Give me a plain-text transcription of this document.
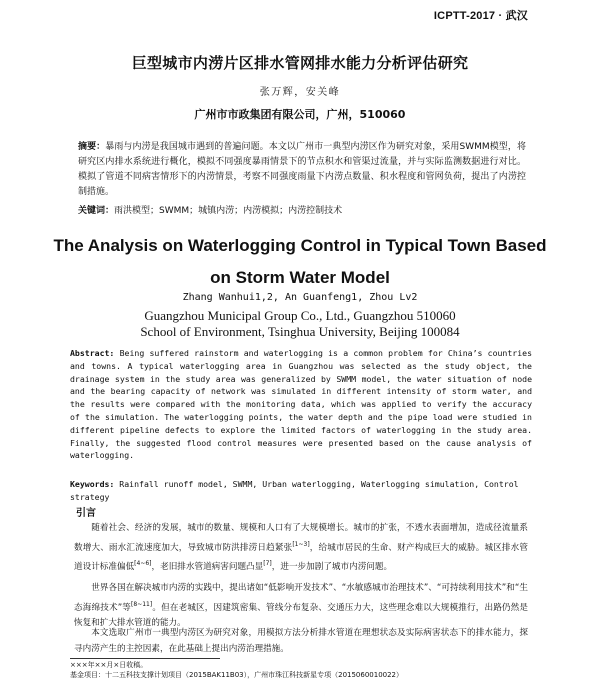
ICPTT-2017 · 武汉
巨型城市内涝片区排水管网排水能力分析评估研究
张万辉，安关峰
广州市市政集团有限公司，广州，510060
摘要：暴雨与内涝是我国城市遇到的普遍问题。本文以广州市一典型内涝区作为研究对象，采用SWMM模型，将研究区内排水系统进行概化，模拟不同强度暴雨情景下的节点积水和管渠过流量，并与实际监测数据进行对比。模拟了管道不同病害情形下的内涝情景，考察不同强度雨量下内涝点数量、积水程度和管网负荷，提出了内涝控制措施。
关键词：雨洪模型；SWMM；城镇内涝；内涝模拟；内涝控制技术
The Analysis on Waterlogging Control in Typical Town Based
on Storm Water Model
Zhang Wanhui1,2, An Guanfeng1, Zhou Lv2
Guangzhou Municipal Group Co., Ltd., Guangzhou 510060
School of Environment, Tsinghua University, Beijing 100084
Abstract: Being suffered rainstorm and waterlogging is a common problem for China’s countries and towns. A typical waterlogging area in Guangzhou was selected as the study object, the drainage system in the study area was generalized by SWMM model, the water situation of node and the bearing capacity of network was simulated in different intensity of storm water, and the results were compared with the monitoring data, which was applied to verify the accuracy of the simulation. The waterlogging points, the water depth and the pipe load were studied in different pipeline defects to explore the limited factors of waterlogging in the study area. Finally, the suggested flood control measures were presented based on the cause analysis of waterlogging.
Keywords: Rainfall runoff model, SWMM, Urban waterlogging, Waterlogging simulation, Control strategy
引言

随着社会、经济的发展，城市的数量、规模和人口有了大规模增长。城市的扩张，不透水表面增加，造成径流量系数增大、雨水汇流速度加大，导致城市防洪排涝日趋紧张[1~3]，给城市居民的生命、财产构成巨大的威胁。城区排水管道设计标准偏低[4~6]，老旧排水管道病害问题凸显[7]，进一步加剧了城市内涝问题。

世界各国在解决城市内涝的实践中，提出诸如“低影响开发技术”、“水敏感城市治理技术”、“可持续利用技术”和“生态海绵技术”等[8~11]。但在老城区，因建筑密集、管线分布复杂、交通压力大，这些理念难以大规模推行，出路仍然是恢复和扩大排水管道的能力。

本文选取广州市一典型内涝区为研究对象，用模拟方法分析排水管道在理想状态及实际病害状态下的排水能力，探寻内涝产生的主控因素，在此基础上提出内涝治理措施。

×××年××月×日收稿。
基金项目：十二五科技支撑计划项目（2015BAK11B03），广州市珠江科技新星专项（2015060010022）
